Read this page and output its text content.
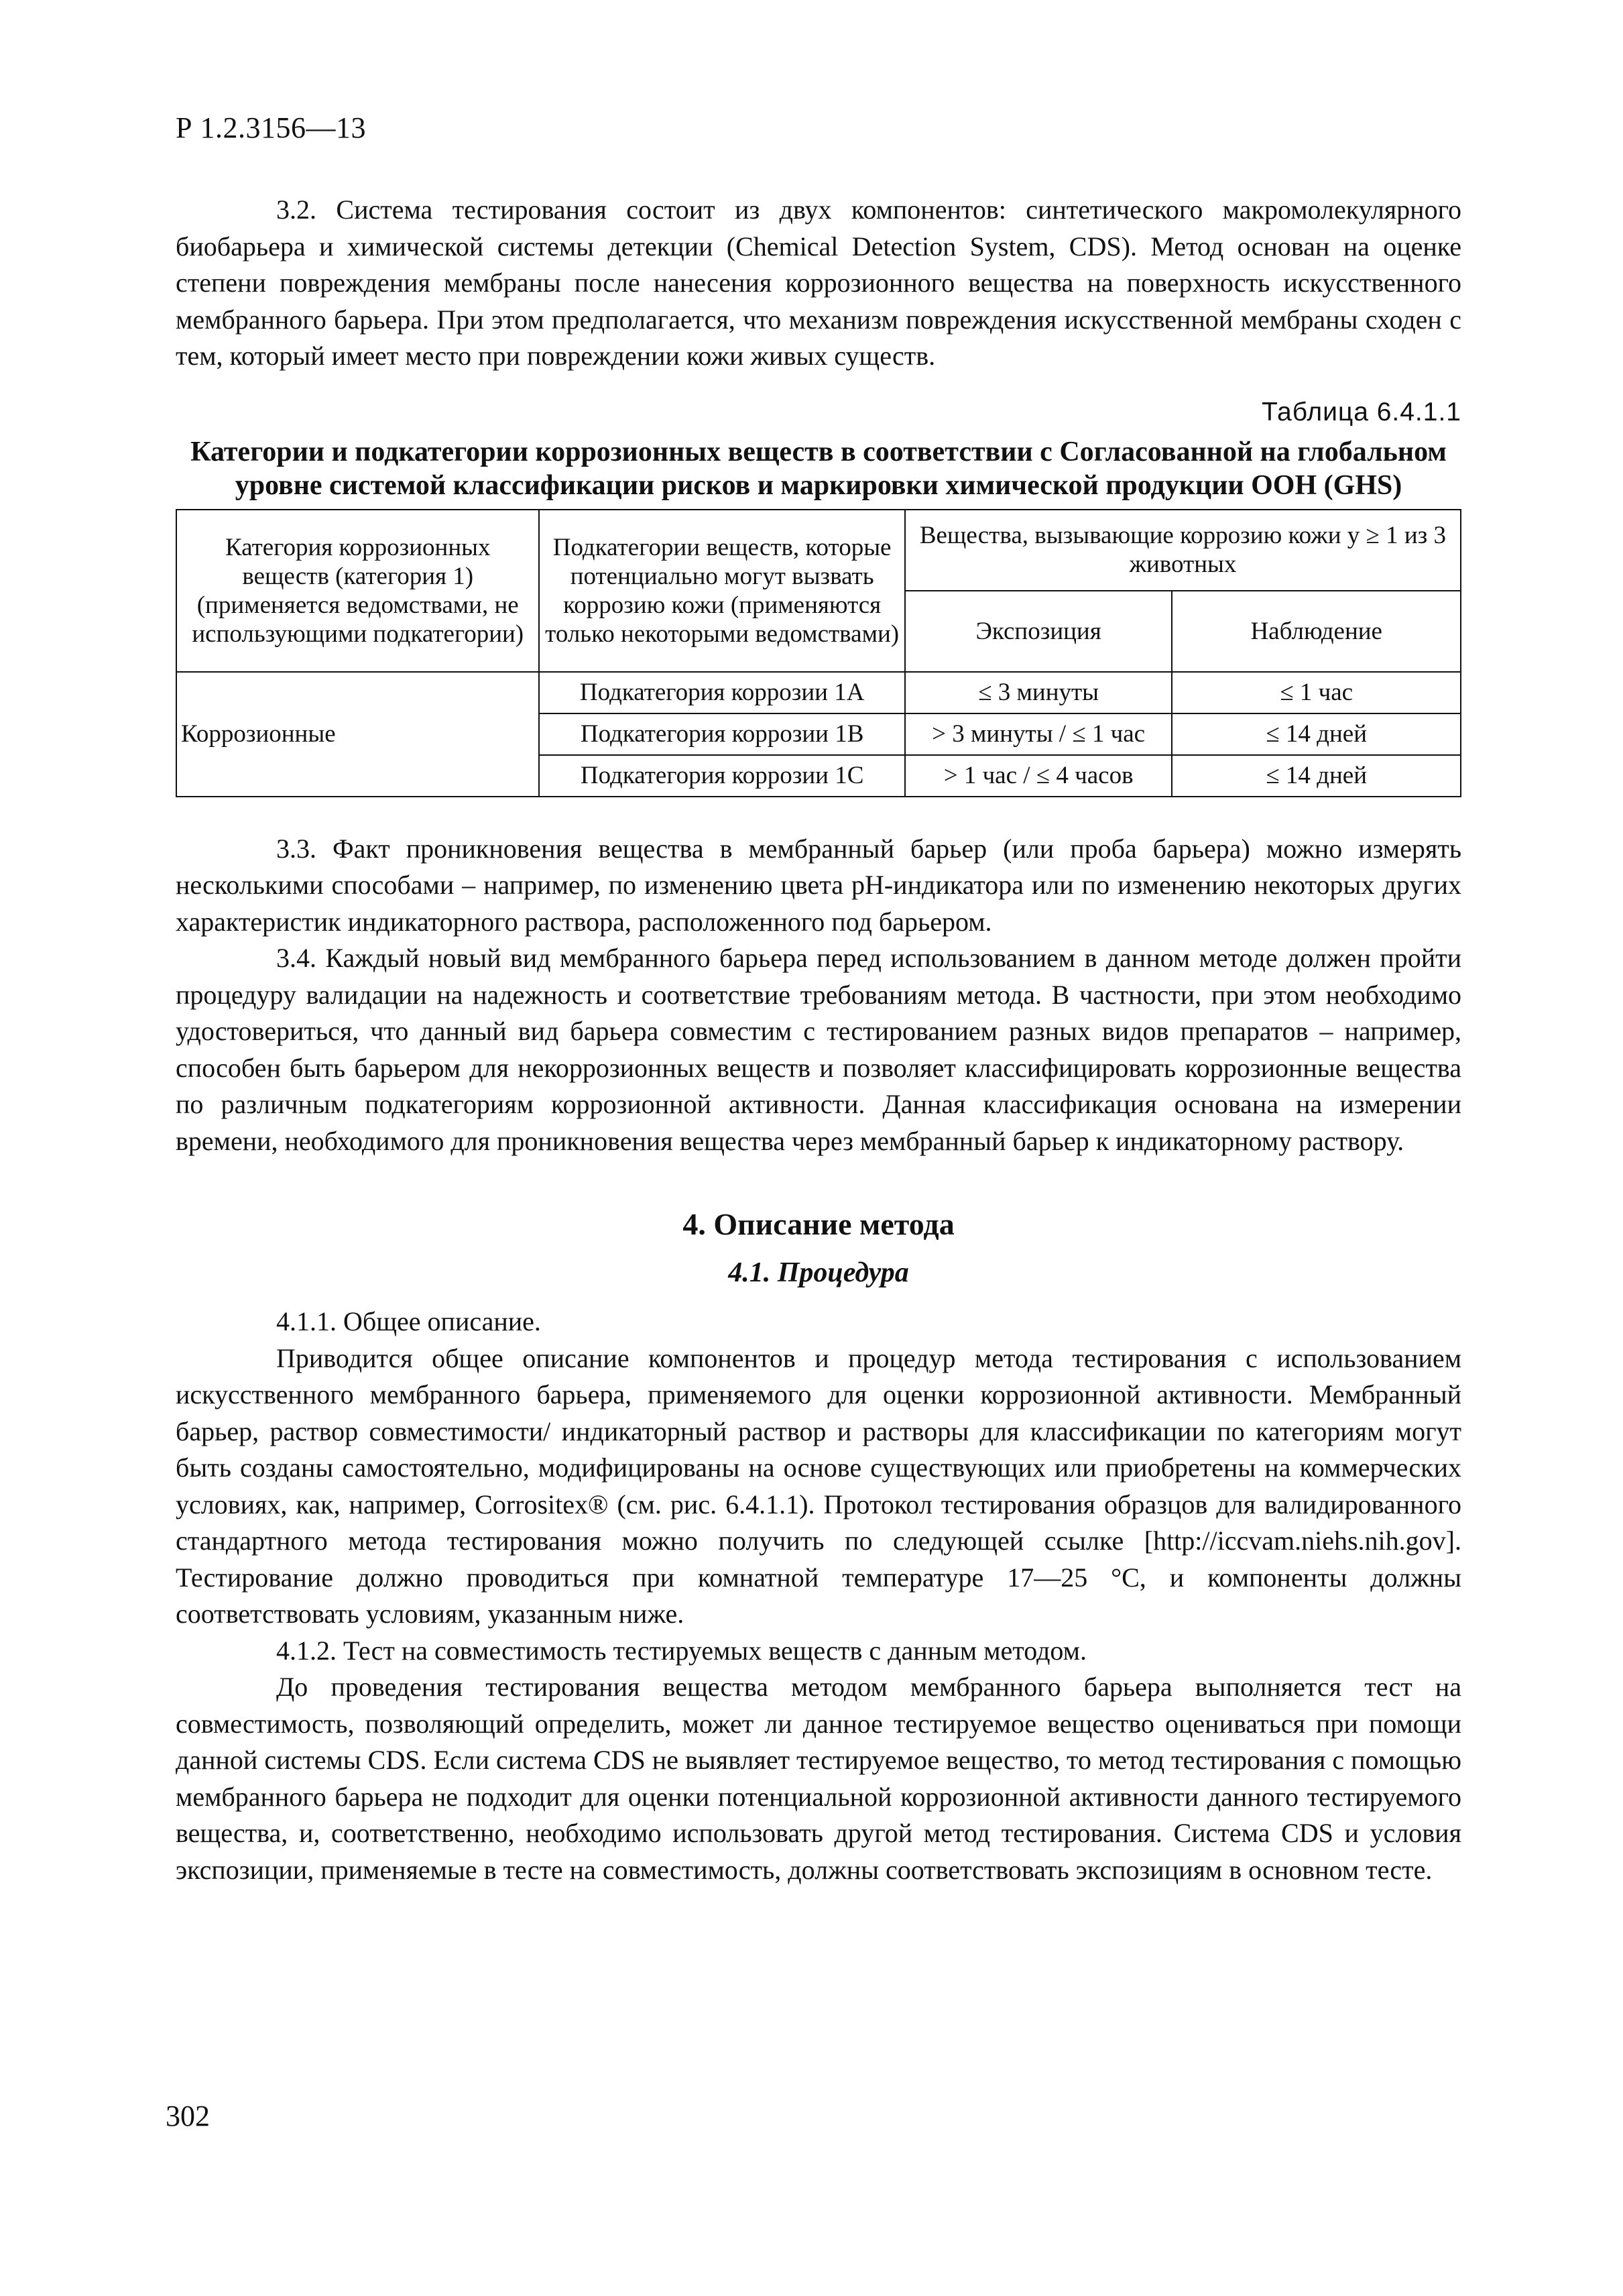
Р 1.2.3156—13

3.2. Система тестирования состоит из двух компонентов: синтетического макромолекулярного биобарьера и химической системы детекции (Chemical Detection System, CDS). Метод основан на оценке степени повреждения мембраны после нанесения коррозионного вещества на поверхность искусственного мембранного барьера. При этом предполагается, что механизм повреждения искусственной мембраны сходен с тем, который имеет место при повреждении кожи живых существ.

Таблица 6.4.1.1
Категории и подкатегории коррозионных веществ в соответствии с Согласованной на глобальном уровне системой классификации рисков и маркировки химической продукции ООН (GHS)
Категория коррозионных веществ (категория 1) (применяется ведомствами, не использующими подкатегории)	Подкатегории веществ, которые потенциально могут вызвать коррозию кожи (применяются только некоторыми ведомствами)	Вещества, вызывающие коррозию кожи у ≥ 1 из 3 животных	
		Экспозиция	Наблюдение
Коррозионные	Подкатегория коррозии 1A	≤ 3 минуты	≤ 1 час
	Подкатегория коррозии 1B	> 3 минуты / ≤ 1 час	≤ 14 дней
	Подкатегория коррозии 1C	> 1 час / ≤ 4 часов	≤ 14 дней

3.3. Факт проникновения вещества в мембранный барьер (или проба барьера) можно измерять несколькими способами – например, по изменению цвета pH-индикатора или по изменению некоторых других характеристик индикаторного раствора, расположенного под барьером.

3.4. Каждый новый вид мембранного барьера перед использованием в данном методе должен пройти процедуру валидации на надежность и соответствие требованиям метода. В частности, при этом необходимо удостовериться, что данный вид барьера совместим с тестированием разных видов препаратов – например, способен быть барьером для некоррозионных веществ и позволяет классифицировать коррозионные вещества по различным подкатегориям коррозионной активности. Данная классификация основана на измерении времени, необходимого для проникновения вещества через мембранный барьер к индикаторному раствору.

4. Описание метода
4.1. Процедура

4.1.1. Общее описание.

Приводится общее описание компонентов и процедур метода тестирования с использованием искусственного мембранного барьера, применяемого для оценки коррозионной активности. Мембранный барьер, раствор совместимости/ индикаторный раствор и растворы для классификации по категориям могут быть созданы самостоятельно, модифицированы на основе существующих или приобретены на коммерческих условиях, как, например, Corrositex® (см. рис. 6.4.1.1). Протокол тестирования образцов для валидированного стандартного метода тестирования можно получить по следующей ссылке [http://iccvam.niehs.nih.gov]. Тестирование должно проводиться при комнатной температуре 17—25 °С, и компоненты должны соответствовать условиям, указанным ниже.

4.1.2. Тест на совместимость тестируемых веществ с данным методом.

До проведения тестирования вещества методом мембранного барьера выполняется тест на совместимость, позволяющий определить, может ли данное тестируемое вещество оцениваться при помощи данной системы CDS. Если система CDS не выявляет тестируемое вещество, то метод тестирования с помощью мембранного барьера не подходит для оценки потенциальной коррозионной активности данного тестируемого вещества, и, соответственно, необходимо использовать другой метод тестирования. Система CDS и условия экспозиции, применяемые в тесте на совместимость, должны соответствовать экспозициям в основном тесте.

302
